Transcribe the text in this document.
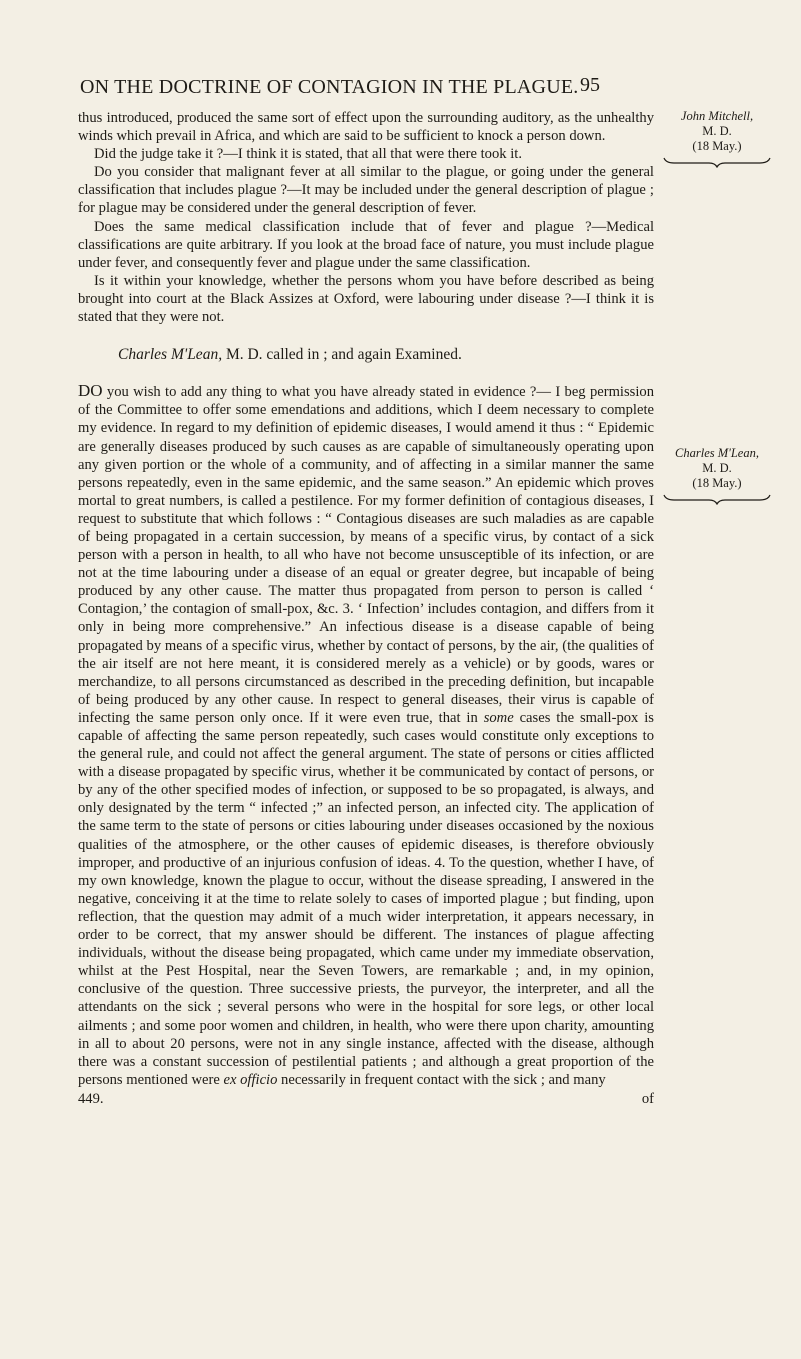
ON THE DOCTRINE OF CONTAGION IN THE PLAGUE. 95
John Mitchell,
M. D.
(18 May.)
Charles M'Lean,
M. D.
(18 May.)

thus introduced, produced the same sort of effect upon the surrounding auditory, as the unhealthy winds which prevail in Africa, and which are said to be sufficient to knock a person down.

Did the judge take it ?—I think it is stated, that all that were there took it.

Do you consider that malignant fever at all similar to the plague, or going under the general classification that includes plague ?—It may be included under the general description of plague ; for plague may be considered under the general description of fever.

Does the same medical classification include that of fever and plague ?—Medical classifications are quite arbitrary. If you look at the broad face of nature, you must include plague under fever, and consequently fever and plague under the same classification.

Is it within your knowledge, whether the persons whom you have before described as being brought into court at the Black Assizes at Oxford, were labouring under disease ?—I think it is stated that they were not.

Charles M'Lean, M. D. called in ; and again Examined.

DO you wish to add any thing to what you have already stated in evidence ?— I beg permission of the Committee to offer some emendations and additions, which I deem necessary to complete my evidence. In regard to my definition of epidemic diseases, I would amend it thus : “ Epidemic are generally diseases produced by such causes as are capable of simultaneously operating upon any given portion or the whole of a community, and of affecting in a similar manner the same persons repeatedly, even in the same epidemic, and the same season.” An epidemic which proves mortal to great numbers, is called a pestilence. For my former definition of contagious diseases, I request to substitute that which follows : “ Contagious diseases are such maladies as are capable of being propagated in a certain succession, by means of a specific virus, by contact of a sick person with a person in health, to all who have not become unsusceptible of its infection, or are not at the time labouring under a disease of an equal or greater degree, but incapable of being produced by any other cause. The matter thus propagated from person to person is called ‘ Contagion,’ the contagion of small-pox, &c. 3. ‘ Infection’ includes contagion, and differs from it only in being more comprehensive.” An infectious disease is a disease capable of being propagated by means of a specific virus, whether by contact of persons, by the air, (the qualities of the air itself are not here meant, it is considered merely as a vehicle) or by goods, wares or merchandize, to all persons circumstanced as described in the preceding definition, but incapable of being produced by any other cause. In respect to general diseases, their virus is capable of infecting the same person only once. If it were even true, that in some cases the small-pox is capable of affecting the same person repeatedly, such cases would constitute only exceptions to the general rule, and could not affect the general argument. The state of persons or cities afflicted with a disease propagated by specific virus, whether it be communicated by contact of persons, or by any of the other specified modes of infection, or supposed to be so propagated, is always, and only designated by the term “ infected ;” an infected person, an infected city. The application of the same term to the state of persons or cities labouring under diseases occasioned by the noxious qualities of the atmosphere, or the other causes of epidemic diseases, is therefore obviously improper, and productive of an injurious confusion of ideas. 4. To the question, whether I have, of my own knowledge, known the plague to occur, without the disease spreading, I answered in the negative, conceiving it at the time to relate solely to cases of imported plague ; but finding, upon reflection, that the question may admit of a much wider interpretation, it appears necessary, in order to be correct, that my answer should be different. The instances of plague affecting individuals, without the disease being propagated, which came under my immediate observation, whilst at the Pest Hospital, near the Seven Towers, are remarkable ; and, in my opinion, conclusive of the question. Three successive priests, the purveyor, the interpreter, and all the attendants on the sick ; several persons who were in the hospital for sore legs, or other local ailments ; and some poor women and children, in health, who were there upon charity, amounting in all to about 20 persons, were not in any single instance, affected with the disease, although there was a constant succession of pestilential patients ; and although a great proportion of the persons mentioned were ex officio necessarily in frequent contact with the sick ; and many

449.	of
